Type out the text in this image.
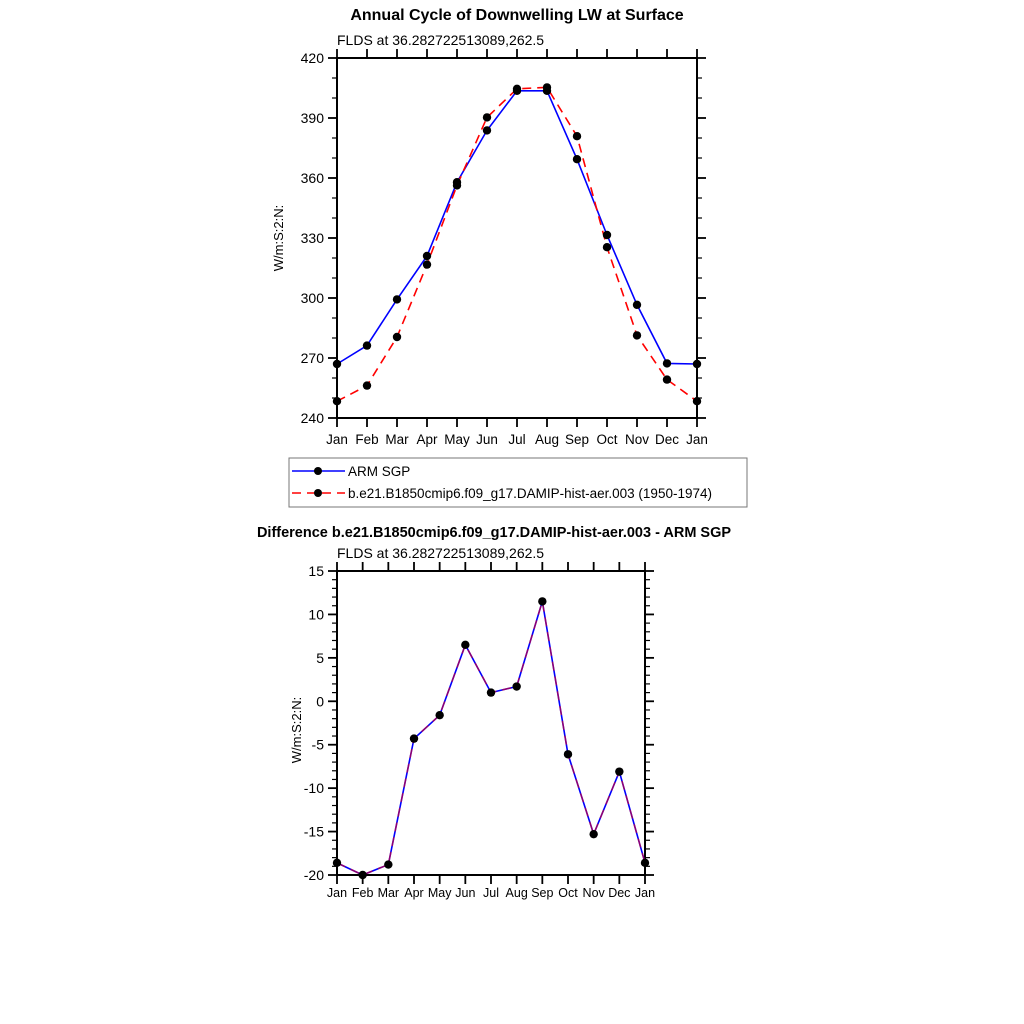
Annual Cycle of Downwelling LW at Surface
FLDS at 36.282722513089,262.5
W/m:S:2:N:
240
270
300
330
360
390
420
Jan Feb Mar Apr May Jun Jul Aug Sep Oct Nov Dec Jan
ARM SGP
b.e21.B1850cmip6.f09_g17.DAMIP-hist-aer.003 (1950-1974)
Difference b.e21.B1850cmip6.f09_g17.DAMIP-hist-aer.003 - ARM SGP
FLDS at 36.282722513089,262.5
W/m:S:2:N:
-20
-15
-10
-5
0
5
10
15
Jan Feb Mar Apr May Jun Jul Aug Sep Oct Nov Dec Jan
